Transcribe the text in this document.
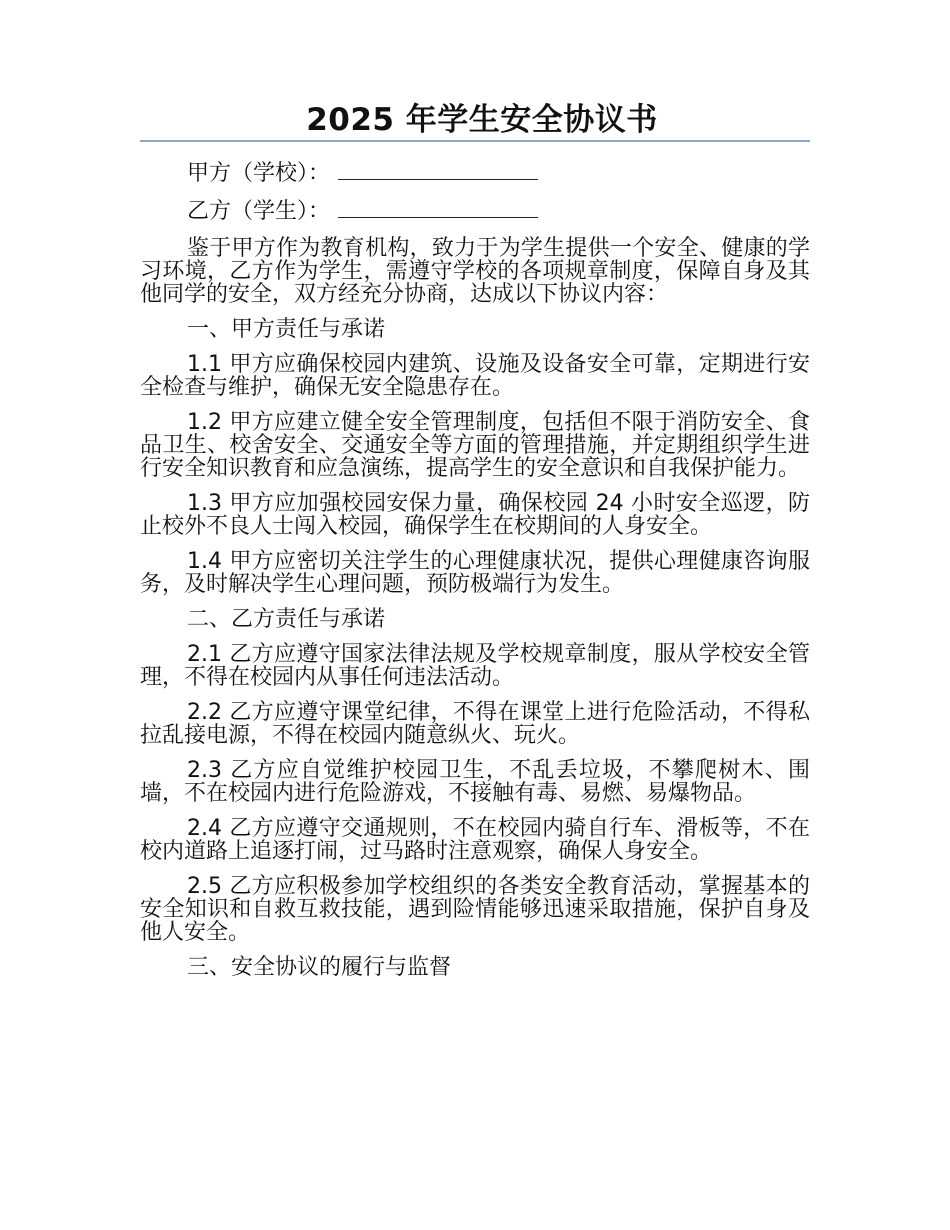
2025 年学生安全协议书

甲方（学校）：

乙方（学生）：

鉴于甲方作为教育机构，致力于为学生提供一个安全、健康的学习环境，乙方作为学生，需遵守学校的各项规章制度，保障自身及其他同学的安全，双方经充分协商，达成以下协议内容：

一、甲方责任与承诺

1.1 甲方应确保校园内建筑、设施及设备安全可靠，定期进行安全检查与维护，确保无安全隐患存在。

1.2 甲方应建立健全安全管理制度，包括但不限于消防安全、食品卫生、校舍安全、交通安全等方面的管理措施，并定期组织学生进行安全知识教育和应急演练，提高学生的安全意识和自我保护能力。

1.3 甲方应加强校园安保力量，确保校园 24 小时安全巡逻，防止校外不良人士闯入校园，确保学生在校期间的人身安全。

1.4 甲方应密切关注学生的心理健康状况，提供心理健康咨询服务，及时解决学生心理问题，预防极端行为发生。

二、乙方责任与承诺

2.1 乙方应遵守国家法律法规及学校规章制度，服从学校安全管理，不得在校园内从事任何违法活动。

2.2 乙方应遵守课堂纪律，不得在课堂上进行危险活动，不得私拉乱接电源，不得在校园内随意纵火、玩火。

2.3 乙方应自觉维护校园卫生，不乱丢垃圾，不攀爬树木、围墙，不在校园内进行危险游戏，不接触有毒、易燃、易爆物品。

2.4 乙方应遵守交通规则，不在校园内骑自行车、滑板等，不在校内道路上追逐打闹，过马路时注意观察，确保人身安全。

2.5 乙方应积极参加学校组织的各类安全教育活动，掌握基本的安全知识和自救互救技能，遇到险情能够迅速采取措施，保护自身及他人安全。

三、安全协议的履行与监督
